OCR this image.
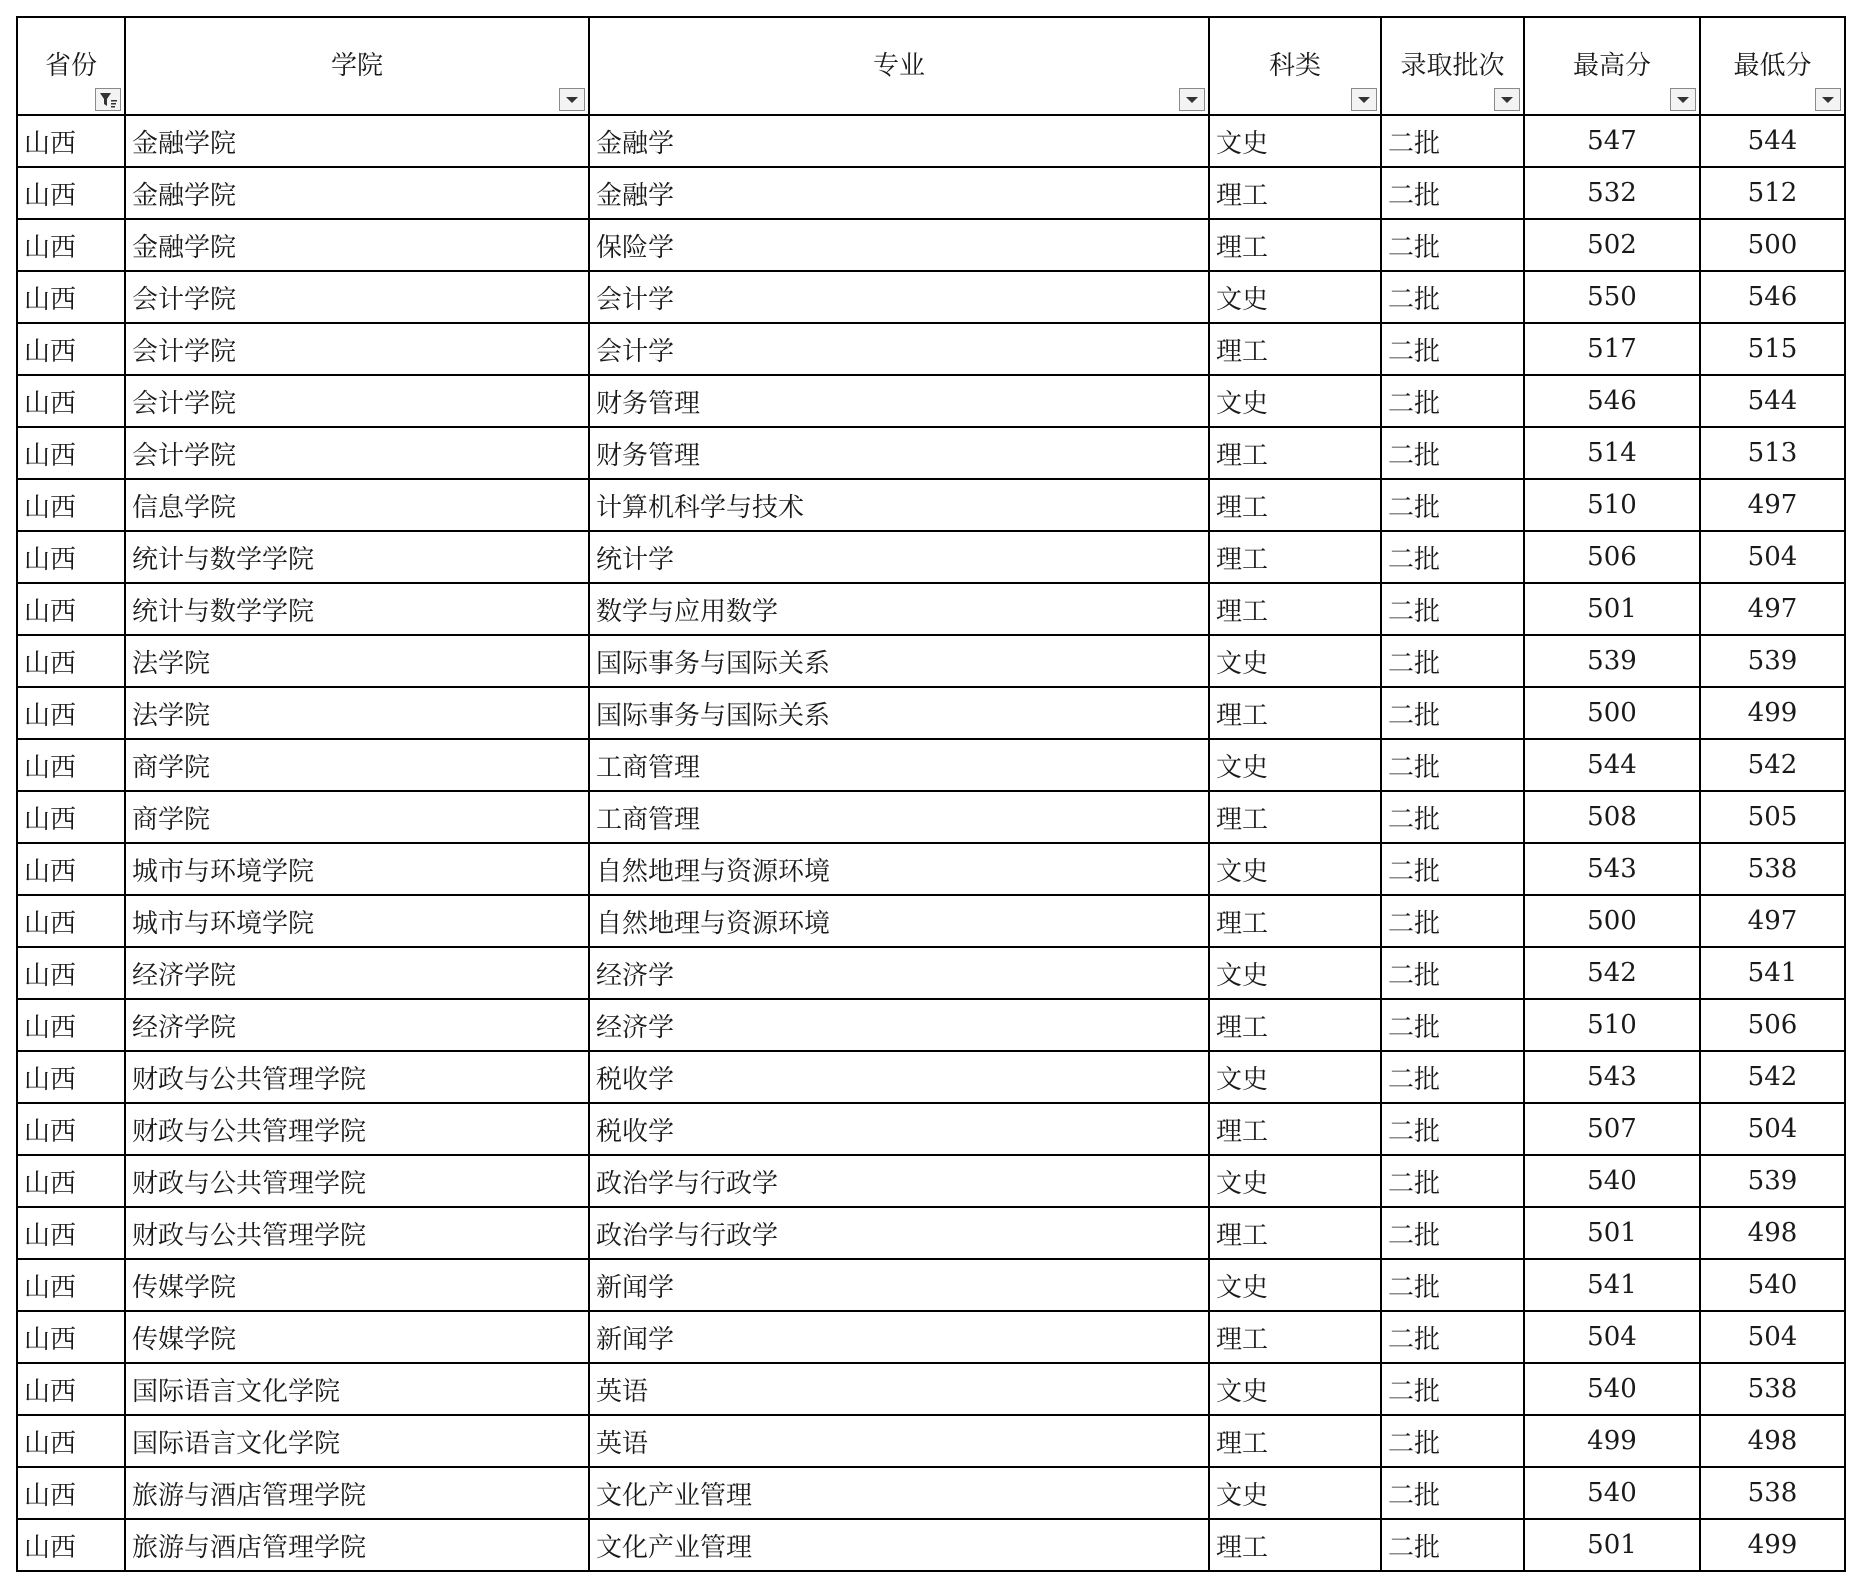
省份	学院	专业	科类	录取批次	最高分	最低分

山西	金融学院	金融学	文史	二批	547	544
山西	金融学院	金融学	理工	二批	532	512
山西	金融学院	保险学	理工	二批	502	500
山西	会计学院	会计学	文史	二批	550	546
山西	会计学院	会计学	理工	二批	517	515
山西	会计学院	财务管理	文史	二批	546	544
山西	会计学院	财务管理	理工	二批	514	513
山西	信息学院	计算机科学与技术	理工	二批	510	497
山西	统计与数学学院	统计学	理工	二批	506	504
山西	统计与数学学院	数学与应用数学	理工	二批	501	497
山西	法学院	国际事务与国际关系	文史	二批	539	539
山西	法学院	国际事务与国际关系	理工	二批	500	499
山西	商学院	工商管理	文史	二批	544	542
山西	商学院	工商管理	理工	二批	508	505
山西	城市与环境学院	自然地理与资源环境	文史	二批	543	538
山西	城市与环境学院	自然地理与资源环境	理工	二批	500	497
山西	经济学院	经济学	文史	二批	542	541
山西	经济学院	经济学	理工	二批	510	506
山西	财政与公共管理学院	税收学	文史	二批	543	542
山西	财政与公共管理学院	税收学	理工	二批	507	504
山西	财政与公共管理学院	政治学与行政学	文史	二批	540	539
山西	财政与公共管理学院	政治学与行政学	理工	二批	501	498
山西	传媒学院	新闻学	文史	二批	541	540
山西	传媒学院	新闻学	理工	二批	504	504
山西	国际语言文化学院	英语	文史	二批	540	538
山西	国际语言文化学院	英语	理工	二批	499	498
山西	旅游与酒店管理学院	文化产业管理	文史	二批	540	538
山西	旅游与酒店管理学院	文化产业管理	理工	二批	501	499
